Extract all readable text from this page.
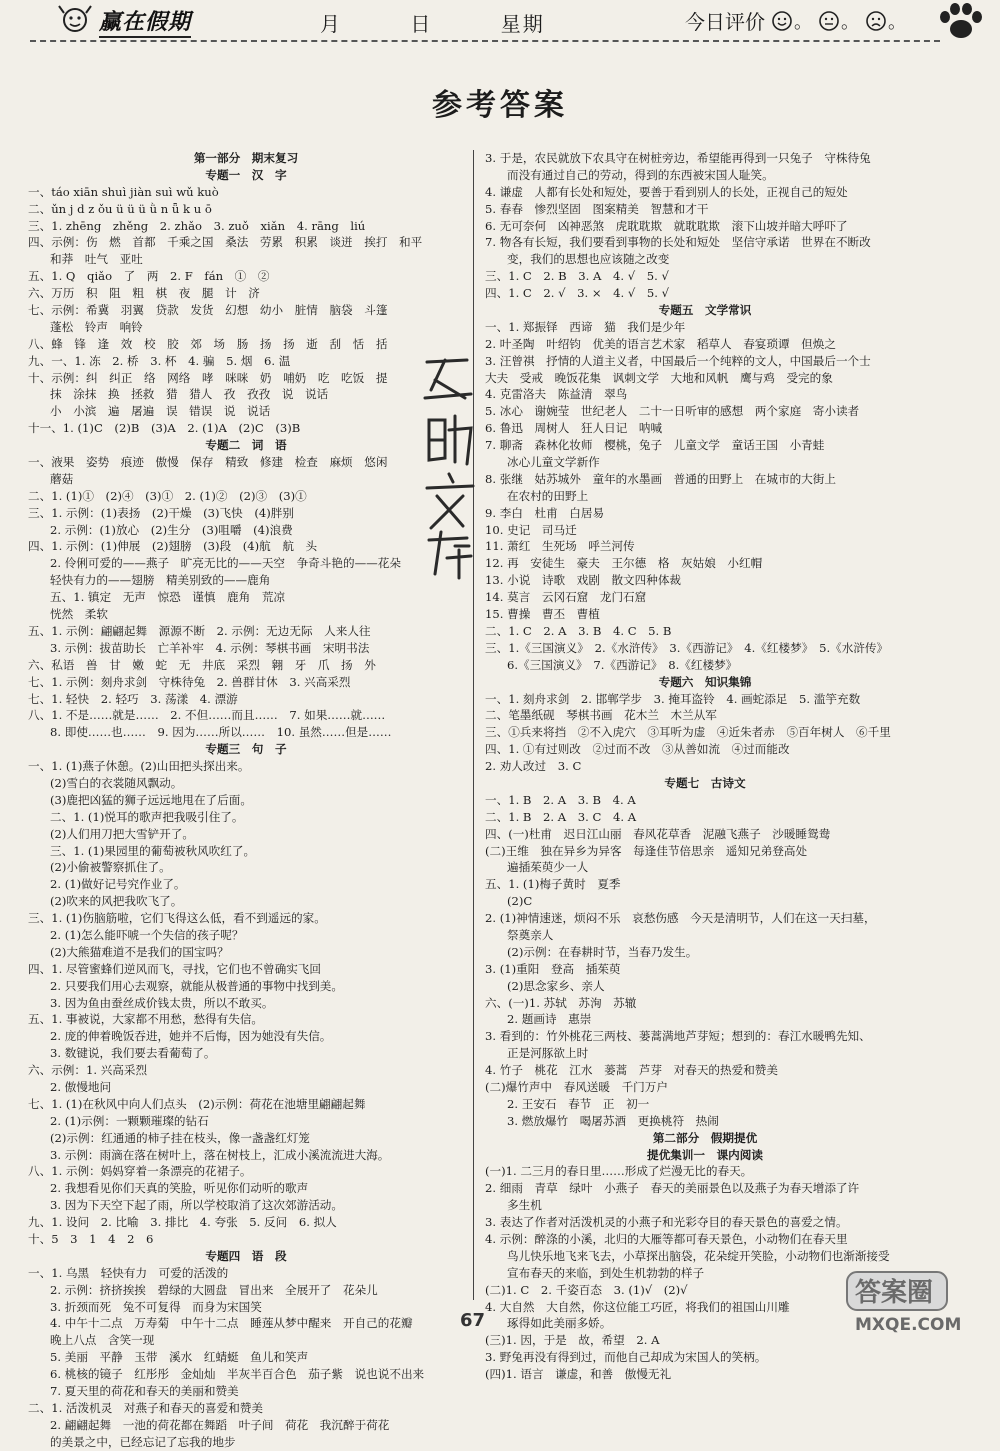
赢在假期	月	日	星期	今日评价 。 。 。
参考答案
第一部分　期末复习
专题一　汉　字
一、táo xiān shuì jiàn suì wǔ kuò
二、ǔn j d z ǒu ü ü ü ǜ n ǖ k u ō
三、1. zhēng　zhěng　2. zhǎo　3. zuǒ　xiǎn　4. rāng　liú
四、示例：伤　燃　首都　千乘之国　桑法　劳累　积累　谈迸　挨打　和平
和莽　吐气　亚吐
五、1. Q　qiǎo　了　两　2. F　fán　①　②
六、万历　积　阻　粗　棋　夜　腿　计　济
七、示例：希冀　羽翼　贷款　发货　幻想　幼小　脏情　脑袋　斗篷
蓬松　铃声　响铃
八、蜂　锋　逢　效　校　胶　郊　场　肠　扬　扬　逝　刮　恬　括
九、一、1. 冻　2. 桥　3. 杯　4. 骗　5. 烟　6. 温
十、示例：纠　纠正　络　网络　哮　咪咪　奶　哺奶　吃　吃饭　提
抹　涂抹　换　拯救　猎　猎人　孜　孜孜　说　说话
小　小滨　遍　屠遍　误　错误　说　说话
十一、1. (1)C　(2)B　(3)A　2. (1)A　(2)C　(3)B
专题二　词　语
一、液果　姿势　痕迹　傲慢　保存　精致　修建　检查　麻烦　悠闲
蘑菇
二、1. (1)①　(2)④　(3)①　2. (1)②　(2)③　(3)①
三、1. 示例：(1)表扬　(2)干燥　(3)飞快　(4)胖别
2. 示例：(1)放心　(2)生分　(3)咀嚼　(4)浪费
四、1. 示例：(1)伸展　(2)翅膀　(3)段　(4)航　航　头
2. 伶俐可爱的——燕子　旷亮无比的——天空　争奇斗艳的——花朵
轻快有力的——翅膀　精美别致的——鹿角
五、1. 镇定　无声　惊恐　谨慎　鹿角　荒凉
恍然　柔软
五、1. 示例：翩翩起舞　源源不断　2. 示例：无边无际　人来人往
3. 示例：拔苗助长　亡羊补牢　4. 示例：琴棋书画　宋明书法
六、私语　兽　甘　嫩　蛇　无　井底　采烈　翱　牙　爪　扬　外
七、1. 示例：刻舟求剑　守株待兔　2. 兽群甘休　3. 兴高采烈
七、1. 轻快　2. 轻巧　3. 荡漾　4. 漂游
八、1. 不是……就是……　2. 不但……而且……　7. 如果……就……
8. 即使……也……　9. 因为……所以……　10. 虽然……但是……
专题三　句　子
一、1. (1)燕子休憩。(2)山田把头探出来。
(2)雪白的衣裳随风飘动。
(3)鹿把凶猛的狮子远远地甩在了后面。
二、1. (1)悦耳的歌声把我吸引住了。
(2)人们用刀把大雪铲开了。
三、1. (1)果园里的葡萄被秋风吹红了。
(2)小偷被警察抓住了。
2. (1)做好记号究作业了。
(2)吹来的风把我吹飞了。
三、1. (1)伤脑筋啦，它们飞得这么低，看不到遥远的家。
2. (1)怎么能吓唬一个失信的孩子呢？
(2)大熊猫难道不是我们的国宝吗？
四、1. 尽管蜜蜂们逆风而飞，寻找，它们也不曾确实飞回
2. 只要我们用心去观察，就能从极普通的事物中找到美。
3. 因为鱼由蚕丝成价钱太贵，所以不敢买。
五、1. 事被说，大家都不用愁，愁得有失信。
2. 庞的伸着晚饭吞进，她并不后悔，因为她没有失信。
3. 数键说，我们要去看葡萄了。
六、示例：1. 兴高采烈
2. 傲慢地问
七、1. (1)在秋风中向人们点头　(2)示例：荷花在池塘里翩翩起舞
2. (1)示例：一颗颗璀璨的钻石
(2)示例：红通通的柿子挂在枝头，像一盏盏红灯笼
3. 示例：雨滴在落在树叶上，落在树枝上，汇成小溪流流进大海。
八、1. 示例：妈妈穿着一条漂亮的花裙子。
2. 我想看见你们天真的笑脸，听见你们动听的歌声
3. 因为下天空下起了雨，所以学校取消了这次郊游活动。
九、1. 设问　2. 比喻　3. 排比　4. 夸张　5. 反问　6. 拟人
十、5　3　1　4　2　6
专题四　语　段
一、1. 乌黑　轻快有力　可爱的活泼的
2. 示例：挤挤挨挨　碧绿的大圆盘　冒出来　全展开了　花朵儿
3. 折颈而死　兔不可复得　而身为宋国笑
4. 中午十二点　万寿菊　中午十二点　睡莲从梦中醒来　开自己的花瓣
晚上八点　含笑一现
5. 美丽　平静　玉带　溪水　红蜻蜓　鱼儿和笑声
6. 桃核的镜子　红彤彤　金灿灿　半灰半百合色　茄子紫　说也说不出来
7. 夏天里的荷花和春天的美丽和赞美
二、1. 活泼机灵　对燕子和春天的喜爱和赞美
2. 翩翩起舞　一池的荷花都在舞蹈　叶子间　荷花　我沉醉于荷花
的美景之中，已经忘记了忘我的地步
3. 于是，农民就放下农具守在树桩旁边，希望能再得到一只兔子　守株待兔
而没有通过自己的劳动，得到的东西被宋国人耻笑。
4. 谦虚　人都有长处和短处，要善于看到别人的长处，正视自己的短处
5. 春春　惨烈坚固　图案精美　智慧和才干
6. 无可奈何　凶神恶煞　虎耽耽欺　就耽耽欺　滚下山坡并暗大呼吓了
7. 物各有长短，我们要看到事物的长处和短处　坚信守承诺　世界在不断改
变，我们的思想也应该随之改变
三、1. C　2. B　3. A　4. √　5. √
四、1. C　2. √　3. ×　4. √　5. √
专题五　文学常识
一、1. 郑振铎　西谛　猫　我们是少年
2. 叶圣陶　叶绍钧　优美的语言艺术家　稻草人　春宴琐谭　但焕之
3. 汪曾祺　抒情的人道主义者，中国最后一个纯粹的文人，中国最后一个士
大夫　受戒　晚饭花集　讽刺文学　大地和风帆　鹰与鸡　受完的象
4. 克雷洛夫　陈益清　翠鸟
5. 冰心　谢婉莹　世纪老人　二十一日听审的感想　两个家庭　寄小读者
6. 鲁迅　周树人　狂人日记　呐喊
7. 聊斋　森林化妆师　樱桃，兔子　儿童文学　童话王国　小青蛙
冰心儿童文学新作
8. 张继　姑苏城外　童年的水墨画　普通的田野上　在城市的大街上
在农村的田野上
9. 李白　杜甫　白居易
10. 史记　司马迁
11. 萧红　生死场　呼兰河传
12. 再　安徒生　豪夫　王尔德　格　灰姑娘　小红帽
13. 小说　诗歌　戏剧　散文四种体裁
14. 莫言　云冈石窟　龙门石窟
15. 曹操　曹丕　曹植
二、1. C　2. A　3. B　4. C　5. B
三、1.《三国演义》　2.《水浒传》　3.《西游记》　4.《红楼梦》　5.《水浒传》
6.《三国演义》　7.《西游记》　8.《红楼梦》
专题六　知识集锦
一、1. 刻舟求剑　2. 邯郸学步　3. 掩耳盗铃　4. 画蛇添足　5. 滥竽充数
二、笔墨纸砚　琴棋书画　花木兰　木兰从军
三、①兵来将挡　②不入虎穴　③耳听为虚　④近朱者赤　⑤百年树人　⑥千里
四、1. ①有过则改　②过而不改　③从善如流　④过而能改
2. 劝人改过　3. C
专题七　古诗文
一、1. B　2. A　3. B　4. A
二、1. B　2. A　3. C　4. A
四、(一)杜甫　迟日江山丽　春风花草香　泥融飞燕子　沙暖睡鸳鸯
(二)王维　独在异乡为异客　每逢佳节倍思亲　遥知兄弟登高处
遍插茱萸少一人
五、1. (1)梅子黄时　夏季
(2)C
2. (1)神情速迷，烦闷不乐　哀愁伤感　今天是清明节，人们在这一天扫墓，
祭奠亲人
(2)示例：在春耕时节，当春乃发生。
3. (1)重阳　登高　插茱萸
(2)思念家乡、亲人
六、(一)1. 苏轼　苏洵　苏辙
2. 题画诗　惠崇
3. 看到的：竹外桃花三两枝、蒌蒿满地芦芽短；想到的：春江水暖鸭先知、
正是河豚欲上时
4. 竹子　桃花　江水　蒌蒿　芦芽　对春天的热爱和赞美
(二)爆竹声中　春风送暖　千门万户
2. 王安石　春节　正　初一
3. 燃放爆竹　喝屠苏酒　更换桃符　热闹
第二部分　假期提优
提优集训一　课内阅读
(一)1. 二三月的春日里……形成了烂漫无比的春天。
2. 细雨　青草　绿叶　小燕子　春天的美丽景色以及燕子为春天增添了许
多生机
3. 表达了作者对活泼机灵的小燕子和光彩夺目的春天景色的喜爱之情。
4. 示例：醉涤的小溪，北归的大雁等都可春天景色，小动物们在春天里
鸟儿快乐地飞来飞去，小草探出脑袋，花朵绽开笑脸，小动物们也渐渐接受
宣布春天的来临，到处生机勃勃的样子
(二)1. C　2. 千姿百态　3. (1)√　(2)√
4. 大自然　大自然，你这位能工巧匠，将我们的祖国山川雕
琢得如此美丽多娇。
(三)1. 因，于是　故，希望　2. A
3. 野兔再没有得到过，而他自己却成为宋国人的笑柄。
(四)1. 语言　谦虚，和善　傲慢无礼
67
答案圈
MXQE.COM
